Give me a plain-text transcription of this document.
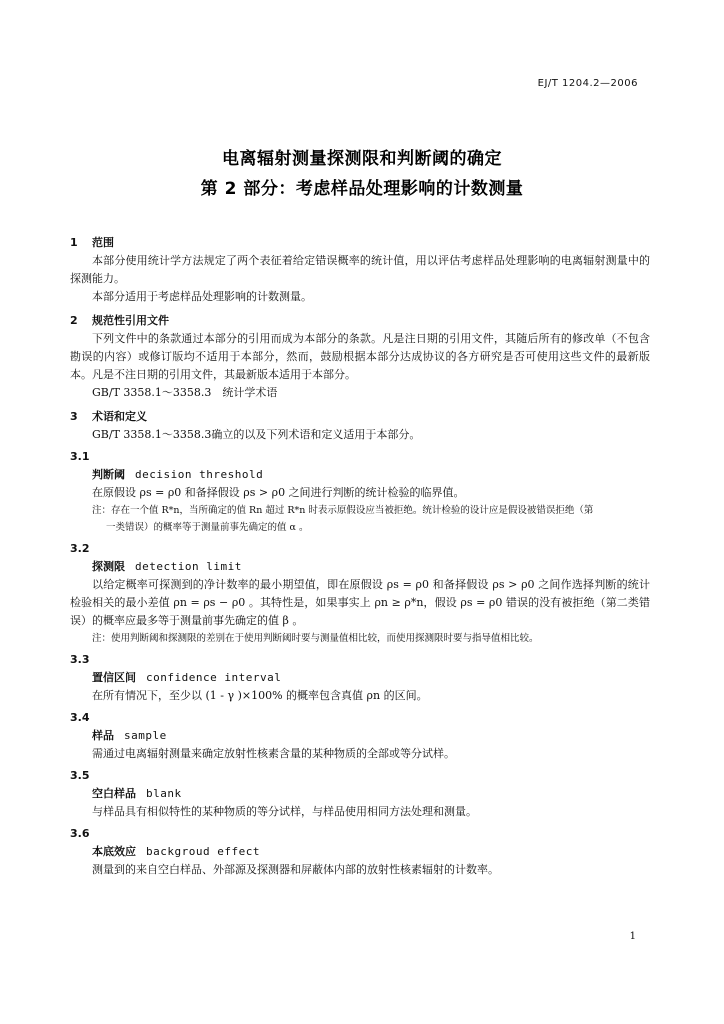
EJ/T 1204.2—2006
电离辐射测量探测限和判断阈的确定
第 2 部分：考虑样品处理影响的计数测量
1 范围
本部分使用统计学方法规定了两个表征着给定错误概率的统计值，用以评估考虑样品处理影响的电离辐射测量中的探测能力。
本部分适用于考虑样品处理影响的计数测量。
2 规范性引用文件
下列文件中的条款通过本部分的引用而成为本部分的条款。凡是注日期的引用文件，其随后所有的修改单（不包含勘误的内容）或修订版均不适用于本部分，然而，鼓励根据本部分达成协议的各方研究是否可使用这些文件的最新版本。凡是不注日期的引用文件，其最新版本适用于本部分。
GB/T 3358.1～3358.3　统计学术语
3 术语和定义
GB/T 3358.1～3358.3确立的以及下列术语和定义适用于本部分。
3.1
判断阈 decision threshold
在原假设 ρs = ρ0 和备择假设 ρs > ρ0 之间进行判断的统计检验的临界值。
注：存在一个值 R*n，当所确定的值 Rn 超过 R*n 时表示原假设应当被拒绝。统计检验的设计应是假设被错误拒绝（第
一类错误）的概率等于测量前事先确定的值 α 。
3.2
探测限 detection limit
以给定概率可探测到的净计数率的最小期望值，即在原假设 ρs = ρ0 和备择假设 ρs > ρ0 之间作选择判断的统计检验相关的最小差值 ρn = ρs − ρ0 。其特性是，如果事实上 ρn ≥ ρ*n，假设 ρs = ρ0 错误的没有被拒绝（第二类错误）的概率应最多等于测量前事先确定的值 β 。
注：使用判断阈和探测限的差别在于使用判断阈时要与测量值相比较，而使用探测限时要与指导值相比较。
3.3
置信区间 confidence interval
在所有情况下，至少以 (1 - γ )×100% 的概率包含真值 ρn 的区间。
3.4
样品 sample
需通过电离辐射测量来确定放射性核素含量的某种物质的全部或等分试样。
3.5
空白样品 blank
与样品具有相似特性的某种物质的等分试样，与样品使用相同方法处理和测量。
3.6
本底效应 backgroud effect
测量到的来自空白样品、外部源及探测器和屏蔽体内部的放射性核素辐射的计数率。
1
